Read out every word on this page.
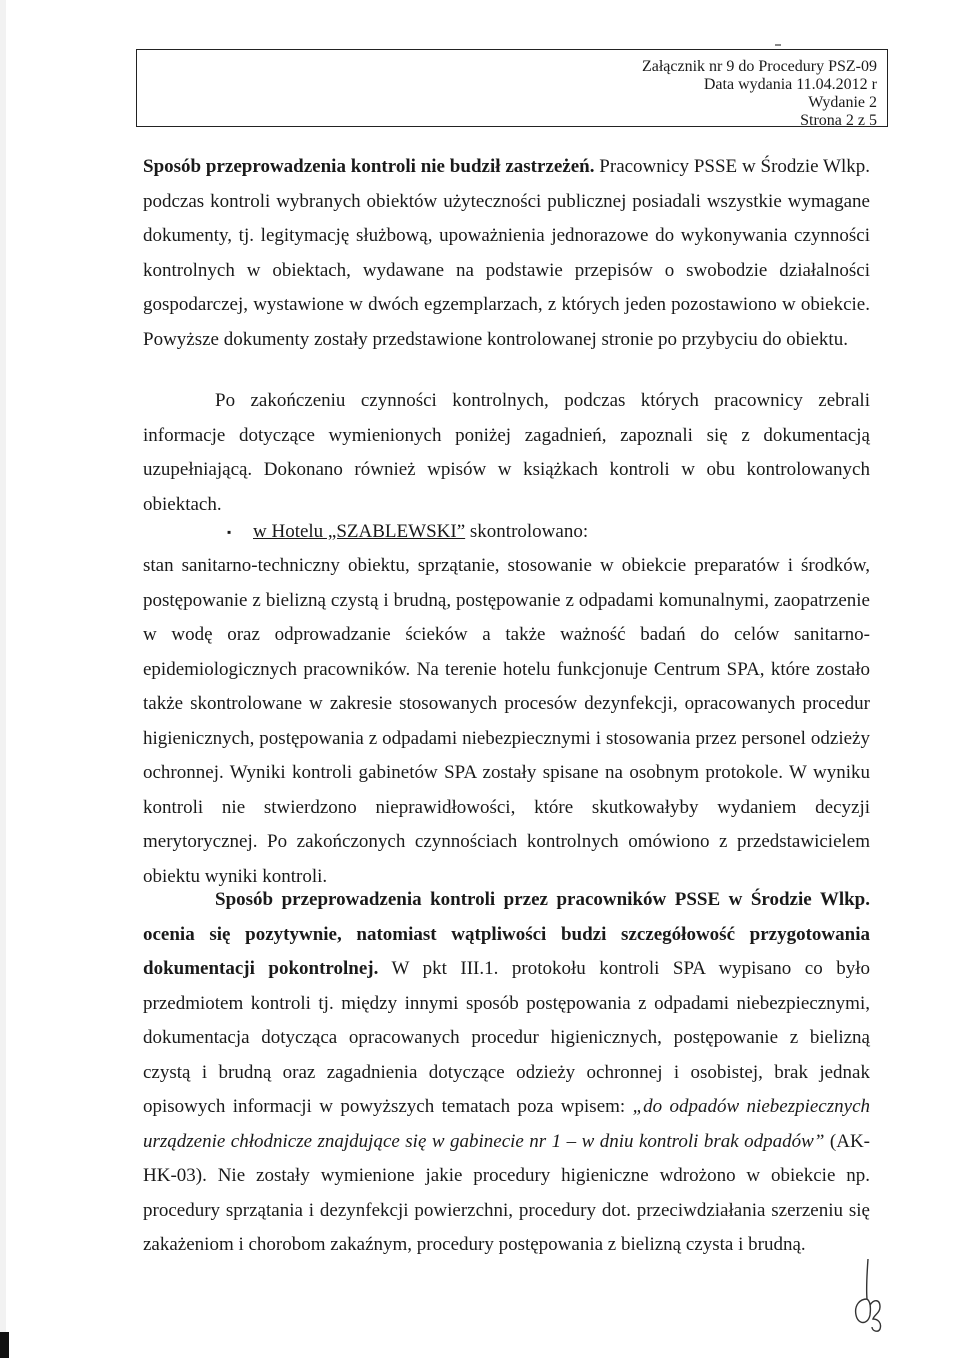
Załącznik nr 9 do Procedury PSZ-09
Data wydania 11.04.2012 r
Wydanie 2
Strona 2 z 5
Sposób przeprowadzenia kontroli nie budził zastrzeżeń. Pracownicy PSSE w Środzie Wlkp. podczas kontroli wybranych obiektów użyteczności publicznej posiadali wszystkie wymagane dokumenty, tj. legitymację służbową, upoważnienia jednorazowe do wykonywania czynności kontrolnych w obiektach, wydawane na podstawie przepisów o swobodzie działalności gospodarczej, wystawione w dwóch egzemplarzach, z których jeden pozostawiono w obiekcie. Powyższe dokumenty zostały przedstawione kontrolowanej stronie po przybyciu do obiektu.
Po zakończeniu czynności kontrolnych, podczas których pracownicy zebrali informacje dotyczące wymienionych poniżej zagadnień, zapoznali się z dokumentacją uzupełniającą. Dokonano również wpisów w książkach kontroli w obu kontrolowanych obiektach.
▪ w Hotelu „SZABLEWSKI” skontrolowano:
stan sanitarno-techniczny obiektu, sprzątanie, stosowanie w obiekcie preparatów i środków, postępowanie z bielizną czystą i brudną, postępowanie z odpadami komunalnymi, zaopatrzenie w wodę oraz odprowadzanie ścieków a także ważność badań do celów sanitarno-epidemiologicznych pracowników. Na terenie hotelu funkcjonuje Centrum SPA, które zostało także skontrolowane w zakresie stosowanych procesów dezynfekcji, opracowanych procedur higienicznych, postępowania z odpadami niebezpiecznymi i stosowania przez personel odzieży ochronnej. Wyniki kontroli gabinetów SPA zostały spisane na osobnym protokole. W wyniku kontroli nie stwierdzono nieprawidłowości, które skutkowałyby wydaniem decyzji merytorycznej. Po zakończonych czynnościach kontrolnych omówiono z przedstawicielem obiektu wyniki kontroli.
Sposób przeprowadzenia kontroli przez pracowników PSSE w Środzie Wlkp. ocenia się pozytywnie, natomiast wątpliwości budzi szczegółowość przygotowania dokumentacji pokontrolnej. W pkt III.1. protokołu kontroli SPA wypisano co było przedmiotem kontroli tj. między innymi sposób postępowania z odpadami niebezpiecznymi, dokumentacja dotycząca opracowanych procedur higienicznych, postępowanie z bielizną czystą i brudną oraz zagadnienia dotyczące odzieży ochronnej i osobistej, brak jednak opisowych informacji w powyższych tematach poza wpisem: „do odpadów niebezpiecznych urządzenie chłodnicze znajdujące się w gabinecie nr 1 – w dniu kontroli brak odpadów” (AK-HK-03). Nie zostały wymienione jakie procedury higieniczne wdrożono w obiekcie np. procedury sprzątania i dezynfekcji powierzchni, procedury dot. przeciwdziałania szerzeniu się zakażeniom i chorobom zakaźnym, procedury postępowania z bielizną czysta i brudną.
